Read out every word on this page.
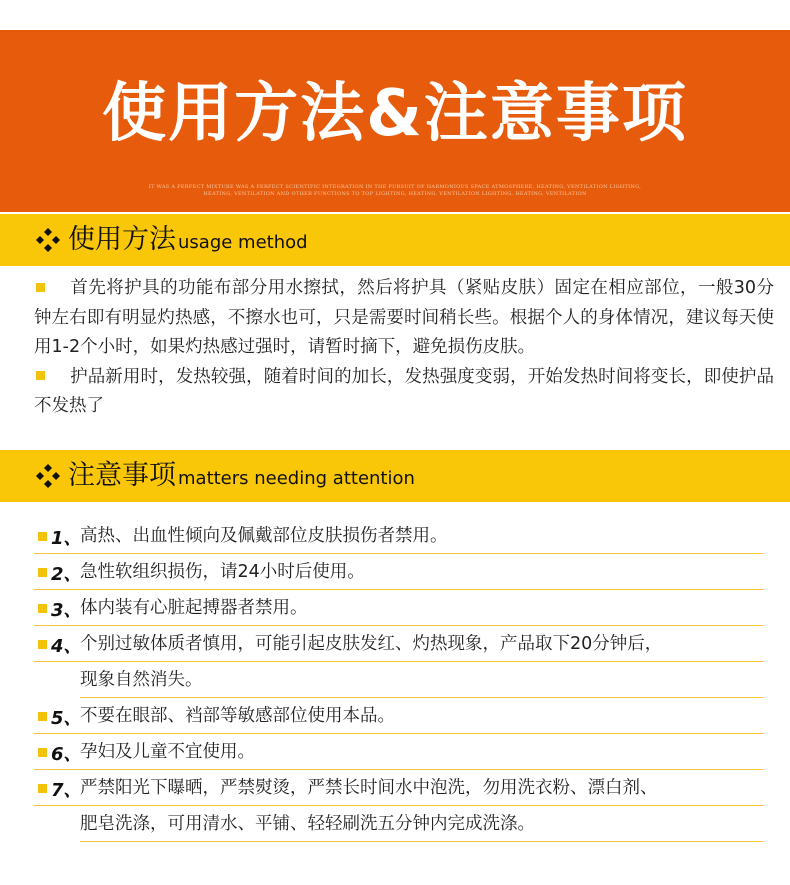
使用方法&注意事项
IT WAS A PERFECT MIXTURE WAS A PERFECT SCIENTIFIC INTEGRATION IN THE PURSUIT OF HARMONIOUS SPACE ATMOSPHERE, HEATING, VENTILATION LIGHTING, HEATING, VENTILATION AND OTHER FUNCTIONS TO TOP LIGHTING, HEATING, VENTILATION LIGHTING, HEATING, VENTILATION
使用方法 usage method

首先将护具的功能布部分用水擦拭，然后将护具（紧贴皮肤）固定在相应部位，一般30分钟左右即有明显灼热感，不擦水也可，只是需要时间稍长些。根据个人的身体情况，建议每天使用1-2个小时，如果灼热感过强时，请暂时摘下，避免损伤皮肤。

护品新用时，发热较强，随着时间的加长，发热强度变弱，开始发热时间将变长，即使护品不发热了

注意事项 matters needing attention
1、
高热、出血性倾向及佩戴部位皮肤损伤者禁用。
2、
急性软组织损伤，请24小时后使用。
3、
体内装有心脏起搏器者禁用。
4、
个别过敏体质者慎用，可能引起皮肤发红、灼热现象，产品取下20分钟后，
现象自然消失。
5、
不要在眼部、裆部等敏感部位使用本品。
6、
孕妇及儿童不宜使用。
7、
严禁阳光下曝晒，严禁熨烫，严禁长时间水中泡洗，勿用洗衣粉、漂白剂、
肥皂洗涤，可用清水、平铺、轻轻刷洗五分钟内完成洗涤。
